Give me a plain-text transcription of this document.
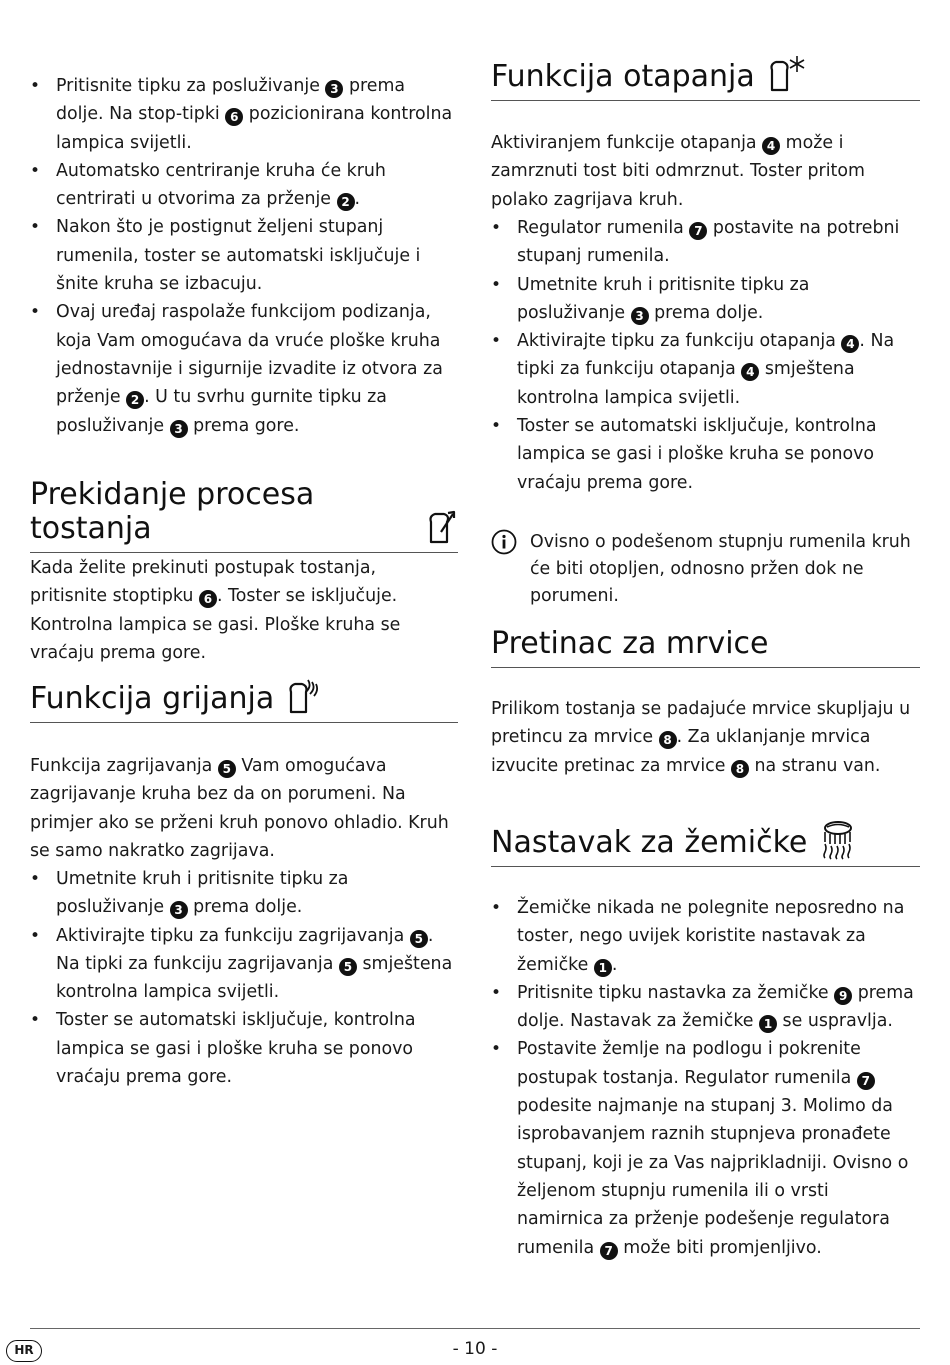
• Pritisnite tipku za posluživanje 3 prema dolje. Na stop-tipki 6 pozicionirana kontrolna lampica svijetli.
• Automatsko centriranje kruha će kruh centrirati u otvorima za prženje 2 .
• Nakon što je postignut željeni stupanj rumenila, toster se automatski isključuje i šnite kruha se izbacuju.
• Ovaj uređaj raspolaže funkcijom podizanja, koja Vam omogućava da vruće ploške kruha jednostavnije i sigurnije izvadite iz otvora za prženje 2 . U tu svrhu gurnite tipku za posluživanje 3 prema gore.
Prekidanje procesa tostanja

Kada želite prekinuti postupak tostanja, pritisnite stoptipku 6 . Toster se isključuje. Kontrolna lampica se gasi. Ploške kruha se vraćaju prema gore.

Funkcija grijanja

Funkcija zagrijavanja 5 Vam omogućava zagrijavanje kruha bez da on porumeni. Na primjer ako se prženi kruh ponovo ohladio. Kruh se samo nakratko zagrijava.

• Umetnite kruh i pritisnite tipku za posluživanje 3 prema dolje.
• Aktivirajte tipku za funkciju zagrijavanja 5 . Na tipki za funkciju zagrijavanja 5 smještena kontrolna lampica svijetli.
• Toster se automatski isključuje, kontrolna lampica se gasi i ploške kruha se ponovo vraćaju prema gore.
Funkcija otapanja

Aktiviranjem funkcije otapanja 4 može i zamrznuti tost biti odmrznut. Toster pritom polako zagrijava kruh.

• Regulator rumenila 7 postavite na potrebni stupanj rumenila.
• Umetnite kruh i pritisnite tipku za posluživanje 3 prema dolje.
• Aktivirajte tipku za funkciju otapanja 4 . Na tipki za funkciju otapanja 4 smještena kontrolna lampica svijetli.
• Toster se automatski isključuje, kontrolna lampica se gasi i ploške kruha se ponovo vraćaju prema gore.

Ovisno o podešenom stupnju rumenila kruh će biti otopljen, odnosno pržen dok ne porumeni.

Pretinac za mrvice

Prilikom tostanja se padajuće mrvice skupljaju u pretincu za mrvice 8 . Za uklanjanje mrvica izvucite pretinac za mrvice 8 na stranu van.

Nastavak za žemičke
• Žemičke nikada ne polegnite neposredno na toster, nego uvijek koristite nastavak za žemičke 1 .
• Pritisnite tipku nastavka za žemičke 9 prema dolje. Nastavak za žemičke 1 se uspravlja.
• Postavite žemlje na podlogu i pokrenite postupak tostanja. Regulator rumenila 7 podesite najmanje na stupanj 3. Molimo da isprobavanjem raznih stupnjeva pronađete stupanj, koji je za Vas najprikladniji. Ovisno o željenom stupnju rumenila ili o vrsti namirnica za prženje podešenje regulatora rumenila 7 može biti promjenljivo.
HR	- 10 -
